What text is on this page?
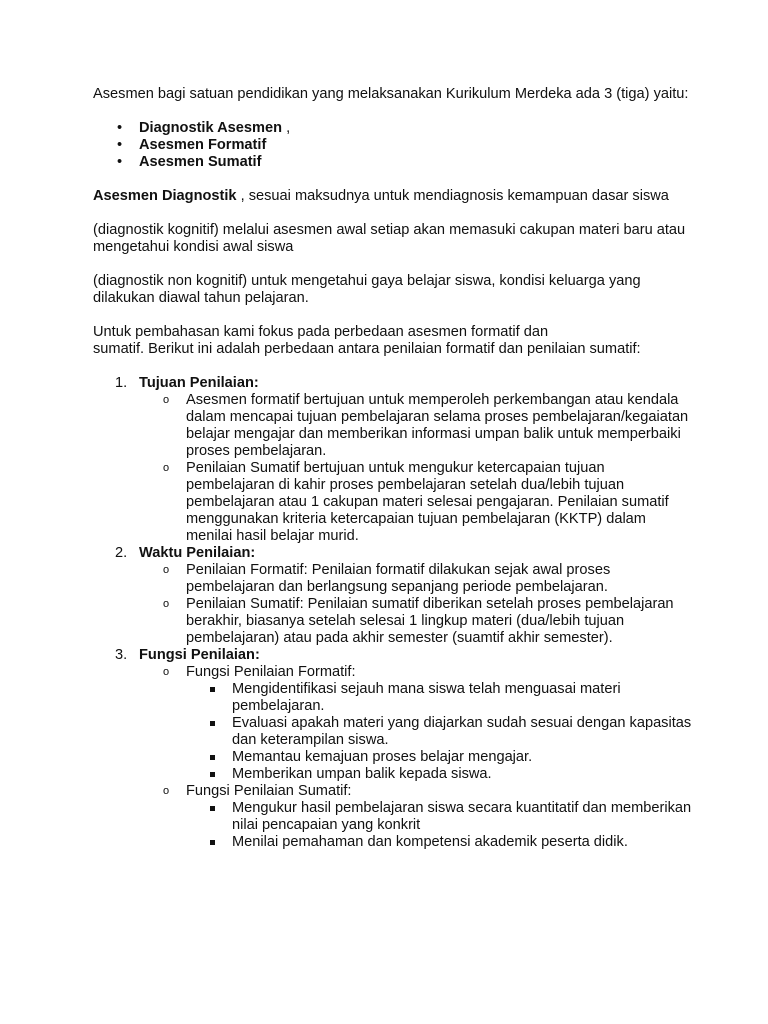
Asesmen bagi satuan pendidikan yang melaksanakan Kurikulum Merdeka ada 3 (tiga) yaitu:

• Diagnostik Asesmen ,
• Asesmen Formatif
• Asesmen Sumatif

Asesmen Diagnostik , sesuai maksudnya untuk mendiagnosis kemampuan dasar siswa

(diagnostik kognitif) melalui asesmen awal setiap akan memasuki cakupan materi baru atau mengetahui kondisi awal siswa

(diagnostik non kognitif) untuk mengetahui gaya belajar siswa, kondisi keluarga yang dilakukan diawal tahun pelajaran.

Untuk pembahasan kami fokus pada perbedaan asesmen formatif dan
sumatif. Berikut ini adalah perbedaan antara penilaian formatif dan penilaian sumatif:

1. Tujuan Penilaian:
o Asesmen formatif bertujuan untuk memperoleh perkembangan atau kendala dalam mencapai tujuan pembelajaran selama proses pembelajaran/kegaiatan belajar mengajar dan memberikan informasi umpan balik untuk memperbaiki proses pembelajaran.
o Penilaian Sumatif bertujuan untuk mengukur ketercapaian tujuan pembelajaran di kahir proses pembelajaran setelah dua/lebih tujuan pembelajaran atau 1 cakupan materi selesai pengajaran. Penilaian sumatif menggunakan kriteria ketercapaian tujuan pembelajaran (KKTP) dalam menilai hasil belajar murid.
2. Waktu Penilaian:
o Penilaian Formatif: Penilaian formatif dilakukan sejak awal proses pembelajaran dan berlangsung sepanjang periode pembelajaran.
o Penilaian Sumatif: Penilaian sumatif diberikan setelah proses pembelajaran berakhir, biasanya setelah selesai 1 lingkup materi (dua/lebih tujuan pembelajaran) atau pada akhir semester (suamtif akhir semester).
3. Fungsi Penilaian:
o Fungsi Penilaian Formatif:
Mengidentifikasi sejauh mana siswa telah menguasai materi pembelajaran.
Evaluasi apakah materi yang diajarkan sudah sesuai dengan kapasitas dan keterampilan siswa.
Memantau kemajuan proses belajar mengajar.
Memberikan umpan balik kepada siswa.
o Fungsi Penilaian Sumatif:
Mengukur hasil pembelajaran siswa secara kuantitatif dan memberikan nilai pencapaian yang konkrit
Menilai pemahaman dan kompetensi akademik peserta didik.
